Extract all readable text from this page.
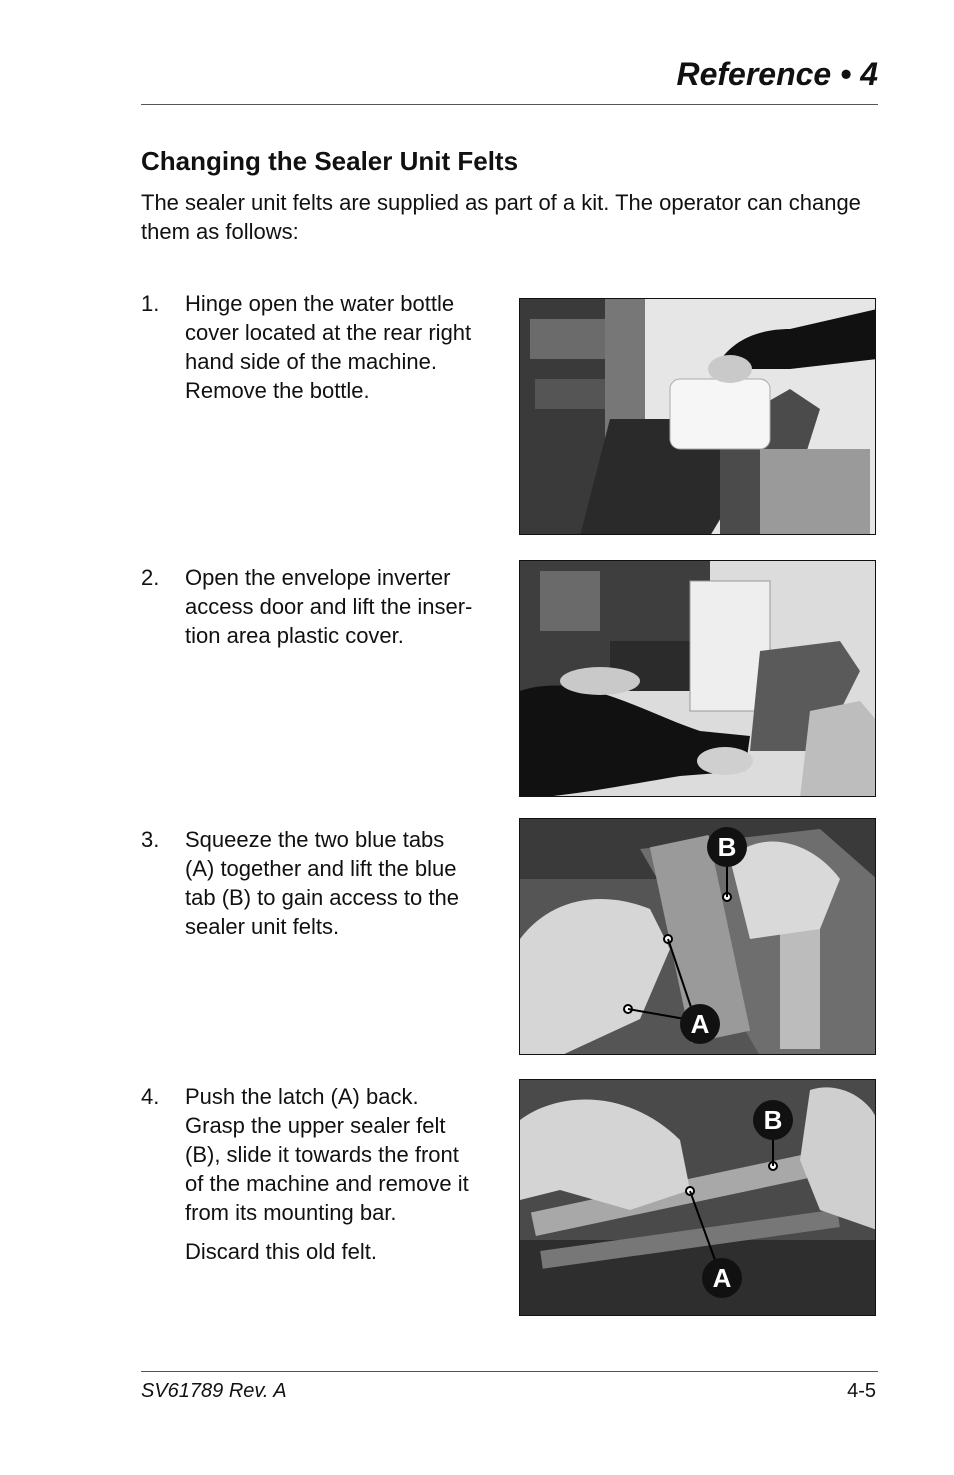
Reference • 4
Changing the Sealer Unit Felts

The sealer unit felts are supplied as part of a kit. The operator can change them as follows:

1. Hinge open the water bottle
cover located at the rear right
hand side of the machine.
Remove the bottle.
2. Open the envelope inverter
access door and lift the inser-
tion area plastic cover.
3. Squeeze the two blue tabs
(A) together and lift the blue
tab (B) to gain access to the
sealer unit felts.
B
A
4. Push the latch (A) back.
Grasp the upper sealer felt
(B), slide it towards the front
of the machine and remove it
from its mounting bar.
Discard this old felt.
B
A
SV61789 Rev. A	4-5
